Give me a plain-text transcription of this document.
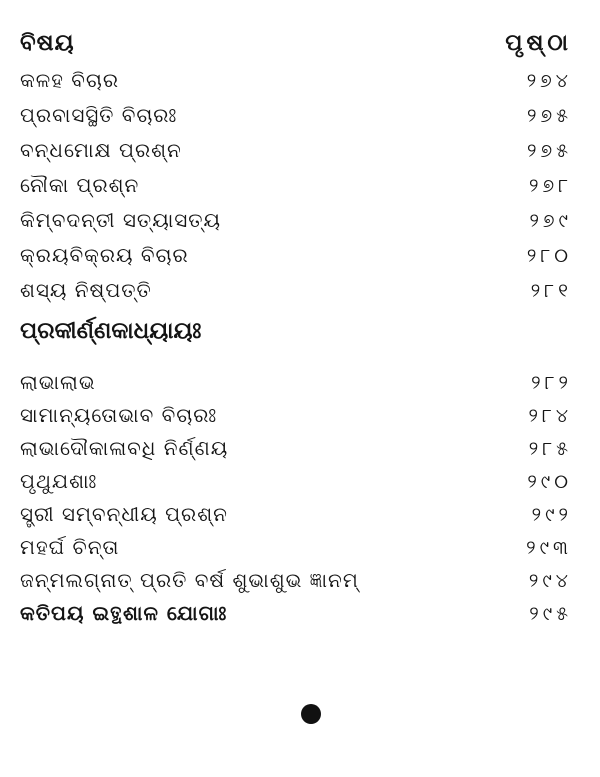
ବିଷୟ	ପୃଷ୍ଠା
କଳହ ବିଚାର	୨୭୪
ପ୍ରବାସସ୍ଥିତି ବିଚାରଃ	୨୭୫
ବନ୍ଧମୋକ୍ଷ ପ୍ରଶ୍ନ	୨୭୫
ନୌକା ପ୍ରଶ୍ନ	୨୭୮
କିମ୍ବଦନ୍ତୀ ସତ୍ୟାସତ୍ୟ	୨୭୯
କ୍ରୟବିକ୍ରୟ ବିଚାର	୨୮୦
ଶସ୍ୟ ନିଷ୍ପତ୍ତି	୨୮୧
ପ୍ରକୀର୍ଣ୍ଣକାଧ୍ୟାୟଃ
ଲାଭାଲାଭ	୨୮୨
ସାମାନ୍ୟତୋଭାବ ବିଚାରଃ	୨୮୪
ଲାଭାଦୌକାଳାବଧି ନିର୍ଣ୍ଣୟ	୨୮୫
ପୃଥୁଯଶାଃ	୨୯୦
ସ୍ତ୍ରୀ ସମ୍ବନ୍ଧୀୟ ପ୍ରଶ୍ନ	୨୯୨
ମହର୍ଘ ଚିନ୍ତା	୨୯୩
ଜନ୍ମଲଗ୍ନାତ୍ ପ୍ରତି ବର୍ଷ ଶୁଭାଶୁଭ ଜ୍ଞାନମ୍	୨୯୪
କତିପୟ ଇତ୍ଥଶାଳ ଯୋଗାଃ	୨୯୫
